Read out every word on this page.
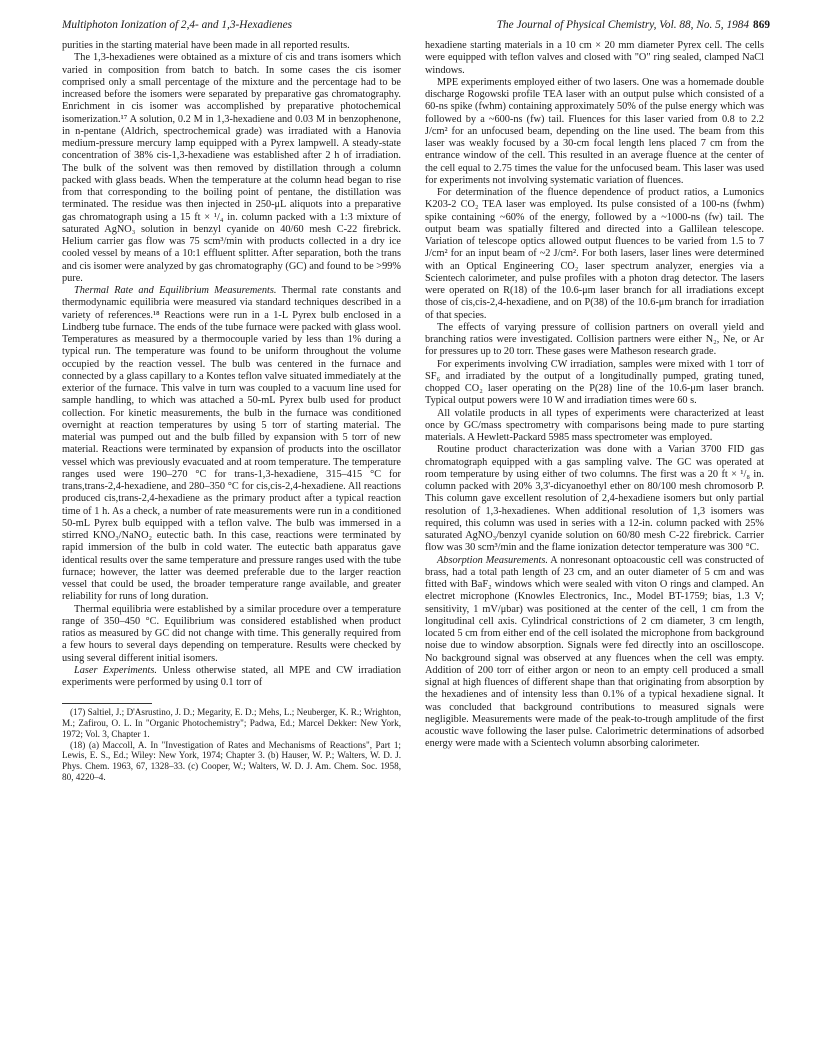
Multiphoton Ionization of 2,4- and 1,3-Hexadienes	The Journal of Physical Chemistry, Vol. 88, No. 5, 1984 869

purities in the starting material have been made in all reported results.

The 1,3-hexadienes were obtained as a mixture of cis and trans isomers which varied in composition from batch to batch. In some cases the cis isomer comprised only a small percentage of the mixture and the percentage had to be increased before the isomers were separated by preparative gas chromatography. Enrichment in cis isomer was accomplished by preparative photochemical isomerization.¹⁷ A solution, 0.2 M in 1,3-hexadiene and 0.03 M in benzophenone, in n-pentane (Aldrich, spectrochemical grade) was irradiated with a Hanovia medium-pressure mercury lamp equipped with a Pyrex lampwell. A steady-state concentration of 38% cis-1,3-hexadiene was established after 2 h of irradiation. The bulk of the solvent was then removed by distillation through a column packed with glass beads. When the temperature at the column head began to rise from that corresponding to the boiling point of pentane, the distillation was terminated. The residue was then injected in 250-μL aliquots into a preparative gas chromatograph using a 15 ft × ¹/₄ in. column packed with a 1:3 mixture of saturated AgNO₃ solution in benzyl cyanide on 40/60 mesh C-22 firebrick. Helium carrier gas flow was 75 scm³/min with products collected in a dry ice cooled vessel by means of a 10:1 effluent splitter. After separation, both the trans and cis isomer were analyzed by gas chromatography (GC) and found to be >99% pure.

Thermal Rate and Equilibrium Measurements. Thermal rate constants and thermodynamic equilibria were measured via standard techniques described in a variety of references.¹⁸ Reactions were run in a 1-L Pyrex bulb enclosed in a Lindberg tube furnace. The ends of the tube furnace were packed with glass wool. Temperatures as measured by a thermocouple varied by less than 1% during a typical run. The temperature was found to be uniform throughout the volume occupied by the reaction vessel. The bulb was centered in the furnace and connected by a glass capillary to a Kontes teflon valve situated immediately at the exterior of the furnace. This valve in turn was coupled to a vacuum line used for sample handling, to which was attached a 50-mL Pyrex bulb used for product collection. For kinetic measurements, the bulb in the furnace was conditioned overnight at reaction temperatures by using 5 torr of starting material. The material was pumped out and the bulb filled by expansion with 5 torr of new material. Reactions were terminated by expansion of products into the oscillator vessel which was previously evacuated and at room temperature. The temperature ranges used were 190–270 °C for trans-1,3-hexadiene, 315–415 °C for trans,trans-2,4-hexadiene, and 280–350 °C for cis,cis-2,4-hexadiene. All reactions produced cis,trans-2,4-hexadiene as the primary product after a typical reaction time of 1 h. As a check, a number of rate measurements were run in a conditioned 50-mL Pyrex bulb equipped with a teflon valve. The bulb was immersed in a stirred KNO₃/NaNO₂ eutectic bath. In this case, reactions were terminated by rapid immersion of the bulb in cold water. The eutectic bath apparatus gave identical results over the same temperature and pressure ranges used with the tube furnace; however, the latter was deemed preferable due to the larger reaction vessel that could be used, the broader temperature range available, and greater reliability for runs of long duration.

Thermal equilibria were established by a similar procedure over a temperature range of 350–450 °C. Equilibrium was considered established when product ratios as measured by GC did not change with time. This generally required from a few hours to several days depending on temperature. Results were checked by using several different initial isomers.

Laser Experiments. Unless otherwise stated, all MPE and CW irradiation experiments were performed by using 0.1 torr of

(17) Saltiel, J.; D'Asrustino, J. D.; Megarity, E. D.; Mehs, L.; Neuberger, K. R.; Wrighton, M.; Zafirou, O. L. In "Organic Photochemistry"; Padwa, Ed.; Marcel Dekker: New York, 1972; Vol. 3, Chapter 1.

(18) (a) Maccoll, A. In "Investigation of Rates and Mechanisms of Reactions", Part 1; Lewis, E. S., Ed.; Wiley: New York, 1974; Chapter 3. (b) Hauser, W. P.; Walters, W. D. J. Phys. Chem. 1963, 67, 1328–33. (c) Cooper, W.; Walters, W. D. J. Am. Chem. Soc. 1958, 80, 4220–4.

hexadiene starting materials in a 10 cm × 20 mm diameter Pyrex cell. The cells were equipped with teflon valves and closed with "O" ring sealed, clamped NaCl windows.

MPE experiments employed either of two lasers. One was a homemade double discharge Rogowski profile TEA laser with an output pulse which consisted of a 60-ns spike (fwhm) containing approximately 50% of the pulse energy which was followed by a ~600-ns (fw) tail. Fluences for this laser varied from 0.8 to 2.2 J/cm² for an unfocused beam, depending on the line used. The beam from this laser was weakly focused by a 30-cm focal length lens placed 7 cm from the entrance window of the cell. This resulted in an average fluence at the center of the cell equal to 2.75 times the value for the unfocused beam. This laser was used for experiments not involving systematic variation of fluences.

For determination of the fluence dependence of product ratios, a Lumonics K203-2 CO₂ TEA laser was employed. Its pulse consisted of a 100-ns (fwhm) spike containing ~60% of the energy, followed by a ~1000-ns (fw) tail. The output beam was spatially filtered and directed into a Gallilean telescope. Variation of telescope optics allowed output fluences to be varied from 1.5 to 7 J/cm² for an input beam of ~2 J/cm². For both lasers, laser lines were determined with an Optical Engineering CO₂ laser spectrum analyzer, energies via a Scientech calorimeter, and pulse profiles with a photon drag detector. The lasers were operated on R(18) of the 10.6-μm laser branch for all irradiations except those of cis,cis-2,4-hexadiene, and on P(38) of the 10.6-μm branch for irradiation of that species.

The effects of varying pressure of collision partners on overall yield and branching ratios were investigated. Collision partners were either N₂, Ne, or Ar for pressures up to 20 torr. These gases were Matheson research grade.

For experiments involving CW irradiation, samples were mixed with 1 torr of SF₆ and irradiated by the output of a longitudinally pumped, grating tuned, chopped CO₂ laser operating on the P(28) line of the 10.6-μm laser branch. Typical output powers were 10 W and irradiation times were 60 s.

All volatile products in all types of experiments were characterized at least once by GC/mass spectrometry with comparisons being made to pure starting materials. A Hewlett-Packard 5985 mass spectrometer was employed.

Routine product characterization was done with a Varian 3700 FID gas chromatograph equipped with a gas sampling valve. The GC was operated at room temperature by using either of two columns. The first was a 20 ft × ¹/₈ in. column packed with 20% 3,3'-dicyanoethyl ether on 80/100 mesh chromosorb P. This column gave excellent resolution of 2,4-hexadiene isomers but only partial resolution of 1,3-hexadienes. When additional resolution of 1,3 isomers was required, this column was used in series with a 12-in. column packed with 25% saturated AgNO₃/benzyl cyanide solution on 60/80 mesh C-22 firebrick. Carrier flow was 30 scm³/min and the flame ionization detector temperature was 300 °C.

Absorption Measurements. A nonresonant optoacoustic cell was constructed of brass, had a total path length of 23 cm, and an outer diameter of 5 cm and was fitted with BaF₂ windows which were sealed with viton O rings and clamped. An electret microphone (Knowles Electronics, Inc., Model BT-1759; bias, 1.3 V; sensitivity, 1 mV/μbar) was positioned at the center of the cell, 1 cm from the longitudinal cell axis. Cylindrical constrictions of 2 cm diameter, 3 cm length, located 5 cm from either end of the cell isolated the microphone from background noise due to window absorption. Signals were fed directly into an oscilloscope. No background signal was observed at any fluences when the cell was empty. Addition of 200 torr of either argon or neon to an empty cell produced a small signal at high fluences of different shape than that originating from absorption by the hexadienes and of intensity less than 0.1% of a typical hexadiene signal. It was concluded that background contributions to measured signals were negligible. Measurements were made of the peak-to-trough amplitude of the first acoustic wave following the laser pulse. Calorimetric determinations of adsorbed energy were made with a Scientech volumn absorbing calorimeter.
